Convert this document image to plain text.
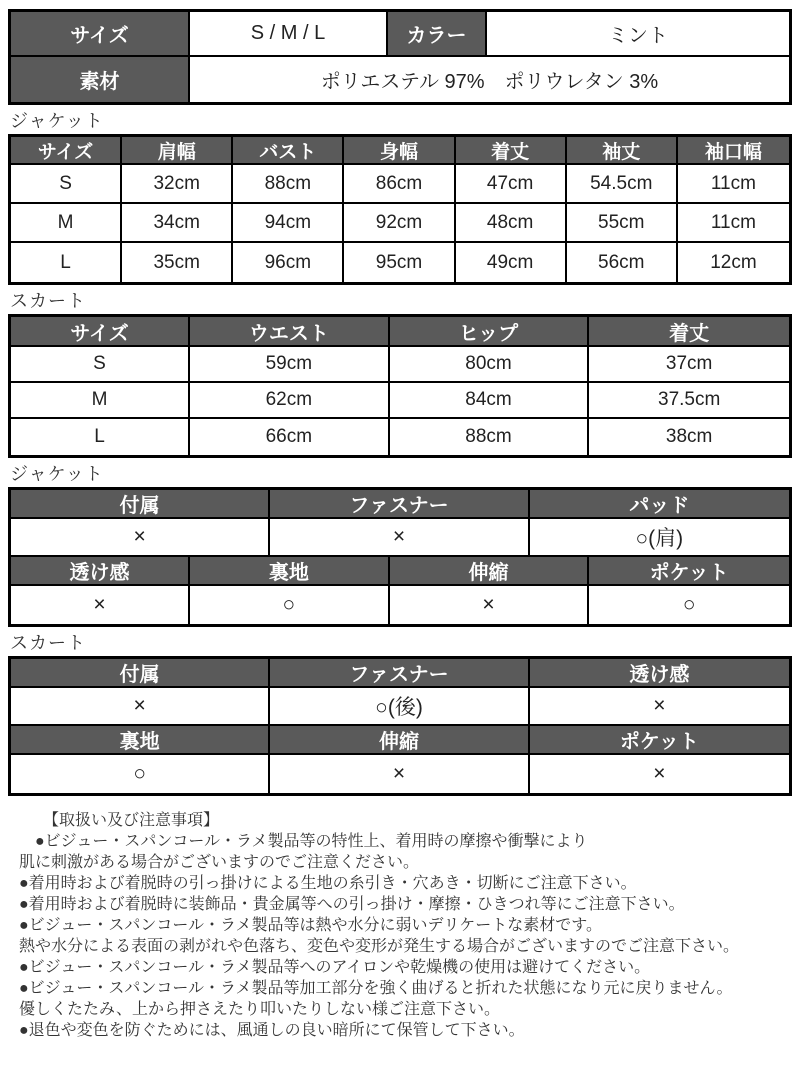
サイズ	S / M / L	カラー	ミント
素材	ポリエステル 97%　ポリウレタン 3%
ジャケット
サイズ	肩幅	バスト	身幅	着丈	袖丈	袖口幅
S	32cm	88cm	86cm	47cm	54.5cm	11cm
M	34cm	94cm	92cm	48cm	55cm	11cm
L	35cm	96cm	95cm	49cm	56cm	12cm
スカート
サイズ	ウエスト	ヒップ	着丈
S	59cm	80cm	37cm
M	62cm	84cm	37.5cm
L	66cm	88cm	38cm
ジャケット
付属	ファスナー	パッド
×	×	○(肩)
透け感	裏地	伸縮	ポケット
×	○	×	○
スカート
付属	ファスナー	透け感
×	○(後)	×
裏地	伸縮	ポケット
○	×	×
【取扱い及び注意事項】
●ビジュー・スパンコール・ラメ製品等の特性上、着用時の摩擦や衝撃により
肌に刺激がある場合がございますのでご注意ください。
●着用時および着脱時の引っ掛けによる生地の糸引き・穴あき・切断にご注意下さい。
●着用時および着脱時に装飾品・貴金属等への引っ掛け・摩擦・ひきつれ等にご注意下さい。
●ビジュー・スパンコール・ラメ製品等は熱や水分に弱いデリケートな素材です。
熱や水分による表面の剥がれや色落ち、変色や変形が発生する場合がございますのでご注意下さい。
●ビジュー・スパンコール・ラメ製品等へのアイロンや乾燥機の使用は避けてください。
●ビジュー・スパンコール・ラメ製品等加工部分を強く曲げると折れた状態になり元に戻りません。
優しくたたみ、上から押さえたり叩いたりしない様ご注意下さい。
●退色や変色を防ぐためには、風通しの良い暗所にて保管して下さい。
